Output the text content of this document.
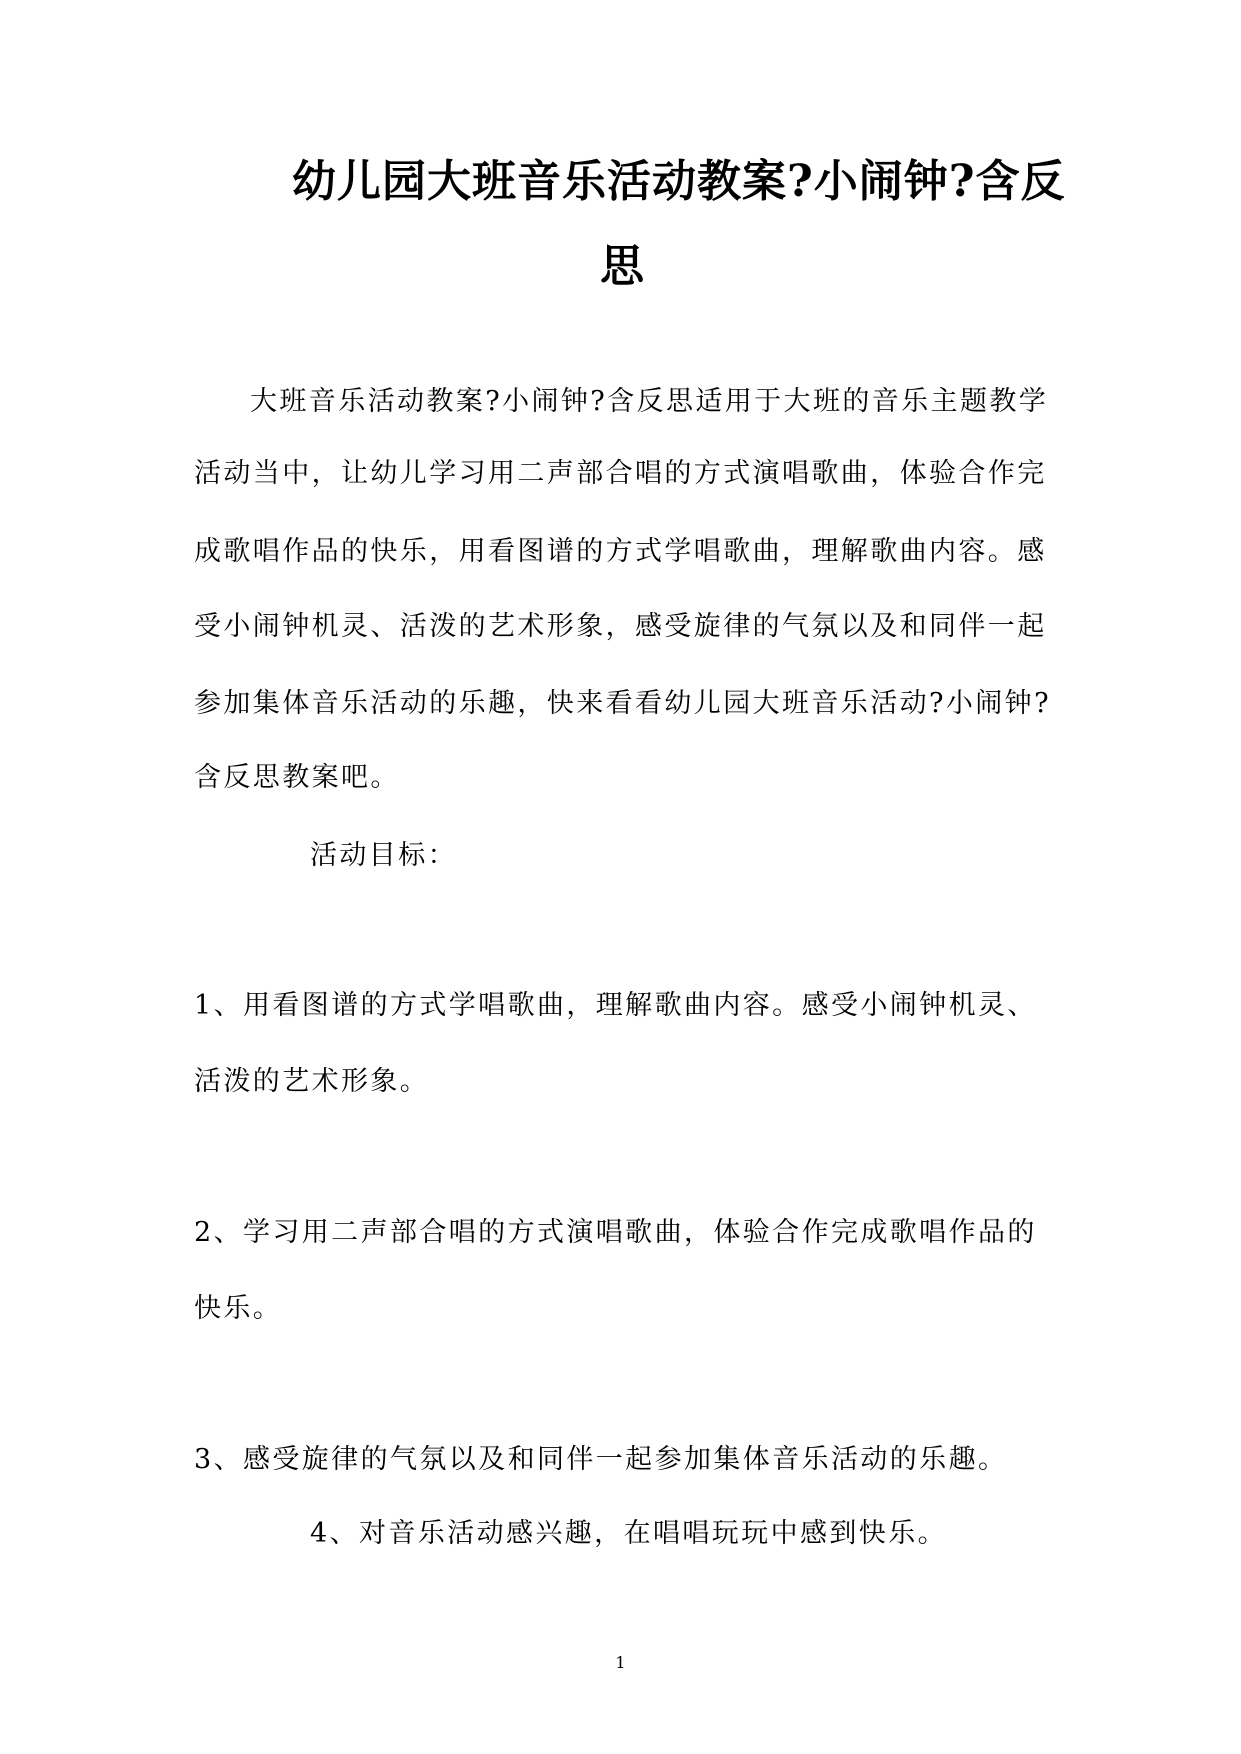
幼儿园大班音乐活动教案?小闹钟?含反
思
大班音乐活动教案?小闹钟?含反思适用于大班的音乐主题教学
活动当中，让幼儿学习用二声部合唱的方式演唱歌曲，体验合作完
成歌唱作品的快乐，用看图谱的方式学唱歌曲，理解歌曲内容。感
受小闹钟机灵、活泼的艺术形象，感受旋律的气氛以及和同伴一起
参加集体音乐活动的乐趣，快来看看幼儿园大班音乐活动?小闹钟?
含反思教案吧。
活动目标：
1、用看图谱的方式学唱歌曲，理解歌曲内容。感受小闹钟机灵、
活泼的艺术形象。
2、学习用二声部合唱的方式演唱歌曲，体验合作完成歌唱作品的
快乐。
3、感受旋律的气氛以及和同伴一起参加集体音乐活动的乐趣。
4、对音乐活动感兴趣，在唱唱玩玩中感到快乐。
1
